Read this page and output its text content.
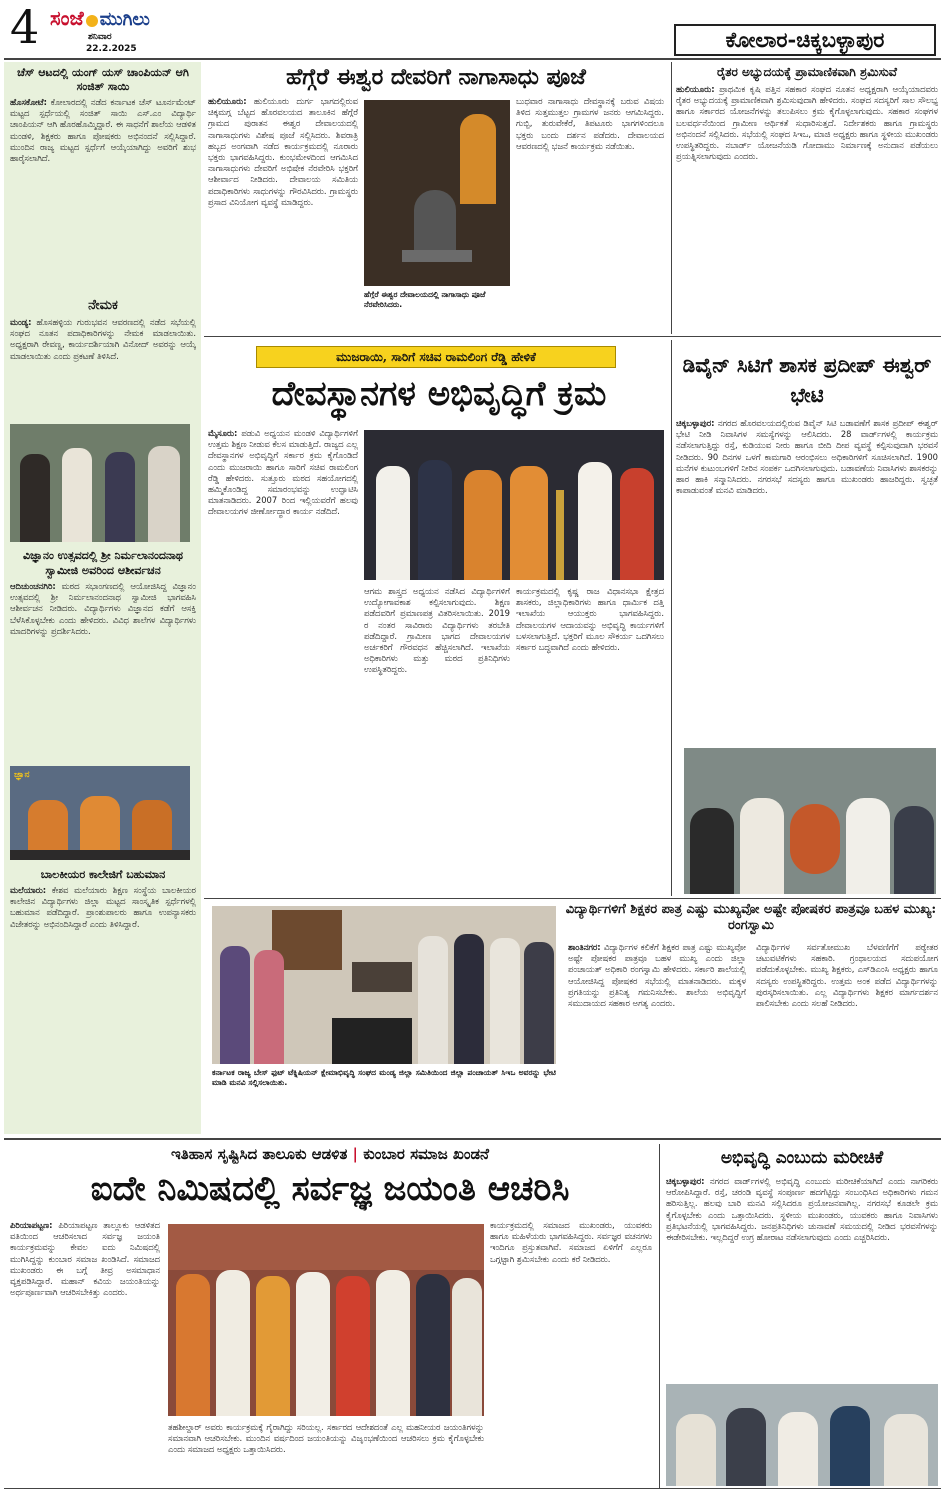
4 ಸಂಜೆ ಮುಗಿಲು
ಶನಿವಾರ
22.2.2025	ಕೋಲಾರ-ಚಿಕ್ಕಬಳ್ಳಾಪುರ
ಚೆಸ್ ಆಟದಲ್ಲಿ ಯಂಗ್ ಯಸ್ ಚಾಂಪಿಯನ್ ಆಗಿ ಸಂಜಿತ್ ಸಾಯಿ
ಹೊಸಕೋಟೆ: ಕೋಲಾರದಲ್ಲಿ ನಡೆದ ಕರ್ನಾಟಕ ಚೆಸ್ ಟೂರ್ನಮೆಂಟ್ ಮಟ್ಟದ ಸ್ಪರ್ಧೆಯಲ್ಲಿ ಸಂಜಿತ್ ಸಾಯಿ ಎಸ್.ಎಂ ವಿದ್ಯಾರ್ಥಿ ಚಾಂಪಿಯನ್ ಆಗಿ ಹೊರಹೊಮ್ಮಿದ್ದಾರೆ. ಈ ಸಾಧನೆಗೆ ಶಾಲೆಯ ಆಡಳಿತ ಮಂಡಳಿ, ಶಿಕ್ಷಕರು ಹಾಗೂ ಪೋಷಕರು ಅಭಿನಂದನೆ ಸಲ್ಲಿಸಿದ್ದಾರೆ. ಮುಂದಿನ ರಾಜ್ಯ ಮಟ್ಟದ ಸ್ಪರ್ಧೆಗೆ ಆಯ್ಕೆಯಾಗಿದ್ದು ಅವರಿಗೆ ಶುಭ ಹಾರೈಸಲಾಗಿದೆ.
ನೇಮಕ
ಮಂಡ್ಯ: ಹೊಸಹಳ್ಳಿಯ ಗುರುಭವನ ಆವರಣದಲ್ಲಿ ನಡೆದ ಸಭೆಯಲ್ಲಿ ಸಂಘದ ನೂತನ ಪದಾಧಿಕಾರಿಗಳನ್ನು ನೇಮಕ ಮಾಡಲಾಯಿತು. ಅಧ್ಯಕ್ಷರಾಗಿ ರೇವಣ್ಣ, ಕಾರ್ಯದರ್ಶಿಯಾಗಿ ವಿನೋದ್ ಅವರನ್ನು ಆಯ್ಕೆ ಮಾಡಲಾಯಿತು ಎಂದು ಪ್ರಕಟಣೆ ತಿಳಿಸಿದೆ.
ವಿಜ್ಞಾನಂ ಉತ್ಸವದಲ್ಲಿ ಶ್ರೀ ನಿರ್ಮಲಾನಂದನಾಥ ಸ್ವಾಮೀಜಿ ಅವರಿಂದ ಆಶೀರ್ವಚನ
ಆದಿಚುಂಚನಗಿರಿ: ಮಠದ ಸಭಾಂಗಣದಲ್ಲಿ ಆಯೋಜಿಸಿದ್ದ ವಿಜ್ಞಾನಂ ಉತ್ಸವದಲ್ಲಿ ಶ್ರೀ ನಿರ್ಮಲಾನಂದನಾಥ ಸ್ವಾಮೀಜಿ ಭಾಗವಹಿಸಿ ಆಶೀರ್ವಚನ ನೀಡಿದರು. ವಿದ್ಯಾರ್ಥಿಗಳು ವಿಜ್ಞಾನದ ಕಡೆಗೆ ಆಸಕ್ತಿ ಬೆಳೆಸಿಕೊಳ್ಳಬೇಕು ಎಂದು ಹೇಳಿದರು. ವಿವಿಧ ಶಾಲೆಗಳ ವಿದ್ಯಾರ್ಥಿಗಳು ಮಾದರಿಗಳನ್ನು ಪ್ರದರ್ಶಿಸಿದರು.
ಜ್ಞಾನ
ಬಾಲಕೀಯರ ಕಾಲೇಜಿಗೆ ಬಹುಮಾನ
ಮಲೆಯಾರು: ಕೇಶವ ಮಲೆಯಾರು ಶಿಕ್ಷಣ ಸಂಸ್ಥೆಯ ಬಾಲಕೀಯರ ಕಾಲೇಜಿನ ವಿದ್ಯಾರ್ಥಿಗಳು ಜಿಲ್ಲಾ ಮಟ್ಟದ ಸಾಂಸ್ಕೃತಿಕ ಸ್ಪರ್ಧೆಗಳಲ್ಲಿ ಬಹುಮಾನ ಪಡೆದಿದ್ದಾರೆ. ಪ್ರಾಂಶುಪಾಲರು ಹಾಗೂ ಉಪನ್ಯಾಸಕರು ವಿಜೇತರನ್ನು ಅಭಿನಂದಿಸಿದ್ದಾರೆ ಎಂದು ತಿಳಿಸಿದ್ದಾರೆ.
ಹೆಗ್ಗೆರೆ ಈಶ್ವರ ದೇವರಿಗೆ ನಾಗಾಸಾಧು ಪೂಜೆ
ಹುಲಿಯೂರು: ಹುಲಿಯೂರು ದುರ್ಗ ಭಾಗದಲ್ಲಿರುವ ಚಿಕ್ಕಮಗ್ಗ ಬೆಟ್ಟದ ಹೊರವಲಯದ ತಾಲೂಕಿನ ಹೆಗ್ಗೆರೆ ಗ್ರಾಮದ ಪುರಾತನ ಈಶ್ವರ ದೇವಾಲಯದಲ್ಲಿ ನಾಗಾಸಾಧುಗಳು ವಿಶೇಷ ಪೂಜೆ ಸಲ್ಲಿಸಿದರು. ಶಿವರಾತ್ರಿ ಹಬ್ಬದ ಅಂಗವಾಗಿ ನಡೆದ ಕಾರ್ಯಕ್ರಮದಲ್ಲಿ ನೂರಾರು ಭಕ್ತರು ಭಾಗವಹಿಸಿದ್ದರು. ಕುಂಭಮೇಳದಿಂದ ಆಗಮಿಸಿದ ನಾಗಾಸಾಧುಗಳು ದೇವರಿಗೆ ಅಭಿಷೇಕ ನೆರವೇರಿಸಿ ಭಕ್ತರಿಗೆ ಆಶೀರ್ವಾದ ನೀಡಿದರು. ದೇವಾಲಯ ಸಮಿತಿಯ ಪದಾಧಿಕಾರಿಗಳು ಸಾಧುಗಳನ್ನು ಗೌರವಿಸಿದರು. ಗ್ರಾಮಸ್ಥರು ಪ್ರಸಾದ ವಿನಿಯೋಗ ವ್ಯವಸ್ಥೆ ಮಾಡಿದ್ದರು.
ಹೆಗ್ಗೆರೆ ಈಶ್ವರ ದೇವಾಲಯದಲ್ಲಿ ನಾಗಾಸಾಧು ಪೂಜೆ ನೆರವೇರಿಸಿದರು.
ಬುಧವಾರ ನಾಗಾಸಾಧು ದೇವಸ್ಥಾನಕ್ಕೆ ಬರುವ ವಿಷಯ ತಿಳಿದ ಸುತ್ತಮುತ್ತಲ ಗ್ರಾಮಗಳ ಜನರು ಆಗಮಿಸಿದ್ದರು. ಗುಬ್ಬಿ, ತುರುವೇಕೆರೆ, ತಿಪಟೂರು ಭಾಗಗಳಿಂದಲೂ ಭಕ್ತರು ಬಂದು ದರ್ಶನ ಪಡೆದರು. ದೇವಾಲಯದ ಆವರಣದಲ್ಲಿ ಭಜನೆ ಕಾರ್ಯಕ್ರಮ ನಡೆಯಿತು.
ರೈತರ ಅಭ್ಯುದಯಕ್ಕೆ ಪ್ರಾಮಾಣಿಕವಾಗಿ ಶ್ರಮಿಸುವೆ
ಹುಲಿಯೂರು: ಪ್ರಾಥಮಿಕ ಕೃಷಿ ಪತ್ತಿನ ಸಹಕಾರ ಸಂಘದ ನೂತನ ಅಧ್ಯಕ್ಷರಾಗಿ ಆಯ್ಕೆಯಾದವರು ರೈತರ ಅಭ್ಯುದಯಕ್ಕೆ ಪ್ರಾಮಾಣಿಕವಾಗಿ ಶ್ರಮಿಸುವುದಾಗಿ ಹೇಳಿದರು. ಸಂಘದ ಸದಸ್ಯರಿಗೆ ಸಾಲ ಸೌಲಭ್ಯ ಹಾಗೂ ಸರ್ಕಾರದ ಯೋಜನೆಗಳನ್ನು ತಲುಪಿಸಲು ಕ್ರಮ ಕೈಗೊಳ್ಳಲಾಗುವುದು. ಸಹಕಾರ ಸಂಘಗಳ ಬಲವರ್ಧನೆಯಿಂದ ಗ್ರಾಮೀಣ ಆರ್ಥಿಕತೆ ಸುಧಾರಿಸುತ್ತದೆ. ನಿರ್ದೇಶಕರು ಹಾಗೂ ಗ್ರಾಮಸ್ಥರು ಅಭಿನಂದನೆ ಸಲ್ಲಿಸಿದರು. ಸಭೆಯಲ್ಲಿ ಸಂಘದ ಸಿಇಒ, ಮಾಜಿ ಅಧ್ಯಕ್ಷರು ಹಾಗೂ ಸ್ಥಳೀಯ ಮುಖಂಡರು ಉಪಸ್ಥಿತರಿದ್ದರು. ನಬಾರ್ಡ್ ಯೋಜನೆಯಡಿ ಗೋದಾಮು ನಿರ್ಮಾಣಕ್ಕೆ ಅನುದಾನ ಪಡೆಯಲು ಪ್ರಯತ್ನಿಸಲಾಗುವುದು ಎಂದರು.
ಮುಜರಾಯಿ, ಸಾರಿಗೆ ಸಚಿವ ರಾಮಲಿಂಗ ರೆಡ್ಡಿ ಹೇಳಿಕೆ
ದೇವಸ್ಥಾನಗಳ ಅಭಿವೃದ್ಧಿಗೆ ಕ್ರಮ
ಮೈಸೂರು: ಪಡುವಿ ಅಧ್ಯಯನ ಮಂಡಳಿ ವಿದ್ಯಾರ್ಥಿಗಳಿಗೆ ಉತ್ತಮ ಶಿಕ್ಷಣ ನೀಡುವ ಕೆಲಸ ಮಾಡುತ್ತಿದೆ. ರಾಜ್ಯದ ಎಲ್ಲ ದೇವಸ್ಥಾನಗಳ ಅಭಿವೃದ್ಧಿಗೆ ಸರ್ಕಾರ ಕ್ರಮ ಕೈಗೊಂಡಿದೆ ಎಂದು ಮುಜರಾಯಿ ಹಾಗೂ ಸಾರಿಗೆ ಸಚಿವ ರಾಮಲಿಂಗ ರೆಡ್ಡಿ ಹೇಳಿದರು. ಸುತ್ತೂರು ಮಠದ ಸಹಯೋಗದಲ್ಲಿ ಹಮ್ಮಿಕೊಂಡಿದ್ದ ಸಮಾರಂಭವನ್ನು ಉದ್ಘಾಟಿಸಿ ಮಾತನಾಡಿದರು. 2007 ರಿಂದ ಇಲ್ಲಿಯವರೆಗೆ ಹಲವು ದೇವಾಲಯಗಳ ಜೀರ್ಣೋದ್ಧಾರ ಕಾರ್ಯ ನಡೆದಿದೆ.
ಆಗಮ ಶಾಸ್ತ್ರದ ಅಧ್ಯಯನ ನಡೆಸಿದ ವಿದ್ಯಾರ್ಥಿಗಳಿಗೆ ಉದ್ಯೋಗಾವಕಾಶ ಕಲ್ಪಿಸಲಾಗುವುದು. ಶಿಕ್ಷಣ ಪಡೆದವರಿಗೆ ಪ್ರಮಾಣಪತ್ರ ವಿತರಿಸಲಾಯಿತು. 2019 ರ ನಂತರ ಸಾವಿರಾರು ವಿದ್ಯಾರ್ಥಿಗಳು ತರಬೇತಿ ಪಡೆದಿದ್ದಾರೆ. ಗ್ರಾಮೀಣ ಭಾಗದ ದೇವಾಲಯಗಳ ಅರ್ಚಕರಿಗೆ ಗೌರವಧನ ಹೆಚ್ಚಿಸಲಾಗಿದೆ. ಇಲಾಖೆಯ ಅಧಿಕಾರಿಗಳು ಮತ್ತು ಮಠದ ಪ್ರತಿನಿಧಿಗಳು ಉಪಸ್ಥಿತರಿದ್ದರು.
ಕಾರ್ಯಕ್ರಮದಲ್ಲಿ ಕೃಷ್ಣ ರಾಜ ವಿಧಾನಸಭಾ ಕ್ಷೇತ್ರದ ಶಾಸಕರು, ಜಿಲ್ಲಾಧಿಕಾರಿಗಳು ಹಾಗೂ ಧಾರ್ಮಿಕ ದತ್ತಿ ಇಲಾಖೆಯ ಆಯುಕ್ತರು ಭಾಗವಹಿಸಿದ್ದರು. ದೇವಾಲಯಗಳ ಆದಾಯವನ್ನು ಅಭಿವೃದ್ಧಿ ಕಾರ್ಯಗಳಿಗೆ ಬಳಸಲಾಗುತ್ತಿದೆ. ಭಕ್ತರಿಗೆ ಮೂಲ ಸೌಕರ್ಯ ಒದಗಿಸಲು ಸರ್ಕಾರ ಬದ್ಧವಾಗಿದೆ ಎಂದು ಹೇಳಿದರು.
ಡಿವೈನ್ ಸಿಟಿಗೆ ಶಾಸಕ ಪ್ರದೀಪ್ ಈಶ್ವರ್ ಭೇಟಿ
ಚಿಕ್ಕಬಳ್ಳಾಪುರ: ನಗರದ ಹೊರವಲಯದಲ್ಲಿರುವ ಡಿವೈನ್ ಸಿಟಿ ಬಡಾವಣೆಗೆ ಶಾಸಕ ಪ್ರದೀಪ್ ಈಶ್ವರ್ ಭೇಟಿ ನೀಡಿ ನಿವಾಸಿಗಳ ಸಮಸ್ಯೆಗಳನ್ನು ಆಲಿಸಿದರು. 28 ವಾರ್ಡ್‌ಗಳಲ್ಲಿ ಕಾರ್ಯಕ್ರಮ ನಡೆಸಲಾಗುತ್ತಿದ್ದು ರಸ್ತೆ, ಕುಡಿಯುವ ನೀರು ಹಾಗೂ ಬೀದಿ ದೀಪ ವ್ಯವಸ್ಥೆ ಕಲ್ಪಿಸುವುದಾಗಿ ಭರವಸೆ ನೀಡಿದರು. 90 ದಿನಗಳ ಒಳಗೆ ಕಾಮಗಾರಿ ಆರಂಭಿಸಲು ಅಧಿಕಾರಿಗಳಿಗೆ ಸೂಚಿಸಲಾಗಿದೆ. 1900 ಮನೆಗಳ ಕುಟುಂಬಗಳಿಗೆ ನೀರಿನ ಸಂಪರ್ಕ ಒದಗಿಸಲಾಗುವುದು. ಬಡಾವಣೆಯ ನಿವಾಸಿಗಳು ಶಾಸಕರನ್ನು ಹಾರ ಹಾಕಿ ಸನ್ಮಾನಿಸಿದರು. ನಗರಸಭೆ ಸದಸ್ಯರು ಹಾಗೂ ಮುಖಂಡರು ಹಾಜರಿದ್ದರು. ಸ್ವಚ್ಛತೆ ಕಾಪಾಡುವಂತೆ ಮನವಿ ಮಾಡಿದರು.
ಕರ್ನಾಟಕ ರಾಜ್ಯ ಬೇಸ್ ಫುಟ್ ಟೆಕ್ನಿಷಿಯನ್ ಕ್ಷೇಮಾಭಿವೃದ್ಧಿ ಸಂಘದ ಮಂಡ್ಯ ಜಿಲ್ಲಾ ಸಮಿತಿಯಿಂದ ಜಿಲ್ಲಾ ಪಂಚಾಯತ್ ಸಿಇಒ ಅವರನ್ನು ಭೇಟಿ ಮಾಡಿ ಮನವಿ ಸಲ್ಲಿಸಲಾಯಿತು.
ವಿದ್ಯಾರ್ಥಿಗಳಿಗೆ ಶಿಕ್ಷಕರ ಪಾತ್ರ ಎಷ್ಟು ಮುಖ್ಯವೋ ಅಷ್ಟೇ ಪೋಷಕರ ಪಾತ್ರವೂ ಬಹಳ ಮುಖ್ಯ: ರಂಗಸ್ವಾಮಿ
ಶಾಂತಿನಗರ: ವಿದ್ಯಾರ್ಥಿಗಳ ಕಲಿಕೆಗೆ ಶಿಕ್ಷಕರ ಪಾತ್ರ ಎಷ್ಟು ಮುಖ್ಯವೋ ಅಷ್ಟೇ ಪೋಷಕರ ಪಾತ್ರವೂ ಬಹಳ ಮುಖ್ಯ ಎಂದು ಜಿಲ್ಲಾ ಪಂಚಾಯತ್ ಅಧಿಕಾರಿ ರಂಗಸ್ವಾಮಿ ಹೇಳಿದರು. ಸರ್ಕಾರಿ ಶಾಲೆಯಲ್ಲಿ ಆಯೋಜಿಸಿದ್ದ ಪೋಷಕರ ಸಭೆಯಲ್ಲಿ ಮಾತನಾಡಿದರು. ಮಕ್ಕಳ ಪ್ರಗತಿಯನ್ನು ಪ್ರತಿನಿತ್ಯ ಗಮನಿಸಬೇಕು. ಶಾಲೆಯ ಅಭಿವೃದ್ಧಿಗೆ ಸಮುದಾಯದ ಸಹಕಾರ ಅಗತ್ಯ ಎಂದರು.
ವಿದ್ಯಾರ್ಥಿಗಳ ಸರ್ವತೋಮುಖ ಬೆಳವಣಿಗೆಗೆ ಪಠ್ಯೇತರ ಚಟುವಟಿಕೆಗಳು ಸಹಕಾರಿ. ಗ್ರಂಥಾಲಯದ ಸದುಪಯೋಗ ಪಡೆದುಕೊಳ್ಳಬೇಕು. ಮುಖ್ಯ ಶಿಕ್ಷಕರು, ಎಸ್‌ಡಿಎಂಸಿ ಅಧ್ಯಕ್ಷರು ಹಾಗೂ ಸದಸ್ಯರು ಉಪಸ್ಥಿತರಿದ್ದರು. ಉತ್ತಮ ಅಂಕ ಪಡೆದ ವಿದ್ಯಾರ್ಥಿಗಳನ್ನು ಪುರಸ್ಕರಿಸಲಾಯಿತು. ಎಲ್ಲ ವಿದ್ಯಾರ್ಥಿಗಳು ಶಿಕ್ಷಕರ ಮಾರ್ಗದರ್ಶನ ಪಾಲಿಸಬೇಕು ಎಂದು ಸಲಹೆ ನೀಡಿದರು.
ಇತಿಹಾಸ ಸೃಷ್ಟಿಸಿದ ತಾಲೂಕು ಆಡಳಿತ | ಕುಂಬಾರ ಸಮಾಜ ಖಂಡನೆ
ಐದೇ ನಿಮಿಷದಲ್ಲಿ ಸರ್ವಜ್ಞ ಜಯಂತಿ ಆಚರಿಸಿ
ಪಿರಿಯಾಪಟ್ಟಣ: ಪಿರಿಯಾಪಟ್ಟಣ ತಾಲ್ಲೂಕು ಆಡಳಿತದ ವತಿಯಿಂದ ಆಚರಿಸಲಾದ ಸರ್ವಜ್ಞ ಜಯಂತಿ ಕಾರ್ಯಕ್ರಮವನ್ನು ಕೇವಲ ಐದು ನಿಮಿಷದಲ್ಲಿ ಮುಗಿಸಿದ್ದನ್ನು ಕುಂಬಾರ ಸಮಾಜ ಖಂಡಿಸಿದೆ. ಸಮಾಜದ ಮುಖಂಡರು ಈ ಬಗ್ಗೆ ತೀವ್ರ ಅಸಮಾಧಾನ ವ್ಯಕ್ತಪಡಿಸಿದ್ದಾರೆ. ಮಹಾನ್ ಕವಿಯ ಜಯಂತಿಯನ್ನು ಅರ್ಥಪೂರ್ಣವಾಗಿ ಆಚರಿಸಬೇಕಿತ್ತು ಎಂದರು.
ತಹಶೀಲ್ದಾರ್ ಅವರು ಕಾರ್ಯಕ್ರಮಕ್ಕೆ ಗೈರಾಗಿದ್ದು ಸರಿಯಲ್ಲ. ಸರ್ಕಾರದ ಆದೇಶದಂತೆ ಎಲ್ಲ ಮಹನೀಯರ ಜಯಂತಿಗಳನ್ನು ಸಮಾನವಾಗಿ ಆಚರಿಸಬೇಕು. ಮುಂದಿನ ವರ್ಷದಿಂದ ಜಯಂತಿಯನ್ನು ವಿಜೃಂಭಣೆಯಿಂದ ಆಚರಿಸಲು ಕ್ರಮ ಕೈಗೊಳ್ಳಬೇಕು ಎಂದು ಸಮಾಜದ ಅಧ್ಯಕ್ಷರು ಒತ್ತಾಯಿಸಿದರು.
ಕಾರ್ಯಕ್ರಮದಲ್ಲಿ ಸಮಾಜದ ಮುಖಂಡರು, ಯುವಕರು ಹಾಗೂ ಮಹಿಳೆಯರು ಭಾಗವಹಿಸಿದ್ದರು. ಸರ್ವಜ್ಞರ ವಚನಗಳು ಇಂದಿಗೂ ಪ್ರಸ್ತುತವಾಗಿವೆ. ಸಮಾಜದ ಏಳಿಗೆಗೆ ಎಲ್ಲರೂ ಒಗ್ಗಟ್ಟಾಗಿ ಶ್ರಮಿಸಬೇಕು ಎಂದು ಕರೆ ನೀಡಿದರು.
ಅಭಿವೃದ್ಧಿ ಎಂಬುದು ಮರೀಚಿಕೆ
ಚಿಕ್ಕಬಳ್ಳಾಪುರ: ನಗರದ ವಾರ್ಡ್‌ಗಳಲ್ಲಿ ಅಭಿವೃದ್ಧಿ ಎಂಬುದು ಮರೀಚಿಕೆಯಾಗಿದೆ ಎಂದು ನಾಗರಿಕರು ಆರೋಪಿಸಿದ್ದಾರೆ. ರಸ್ತೆ, ಚರಂಡಿ ವ್ಯವಸ್ಥೆ ಸಂಪೂರ್ಣ ಹದಗೆಟ್ಟಿದ್ದು ಸಂಬಂಧಿಸಿದ ಅಧಿಕಾರಿಗಳು ಗಮನ ಹರಿಸುತ್ತಿಲ್ಲ. ಹಲವು ಬಾರಿ ಮನವಿ ಸಲ್ಲಿಸಿದರೂ ಪ್ರಯೋಜನವಾಗಿಲ್ಲ. ನಗರಸಭೆ ಕೂಡಲೇ ಕ್ರಮ ಕೈಗೊಳ್ಳಬೇಕು ಎಂದು ಒತ್ತಾಯಿಸಿದರು. ಸ್ಥಳೀಯ ಮುಖಂಡರು, ಯುವಕರು ಹಾಗೂ ನಿವಾಸಿಗಳು ಪ್ರತಿಭಟನೆಯಲ್ಲಿ ಭಾಗವಹಿಸಿದ್ದರು. ಜನಪ್ರತಿನಿಧಿಗಳು ಚುನಾವಣೆ ಸಮಯದಲ್ಲಿ ನೀಡಿದ ಭರವಸೆಗಳನ್ನು ಈಡೇರಿಸಬೇಕು. ಇಲ್ಲದಿದ್ದರೆ ಉಗ್ರ ಹೋರಾಟ ನಡೆಸಲಾಗುವುದು ಎಂದು ಎಚ್ಚರಿಸಿದರು.
